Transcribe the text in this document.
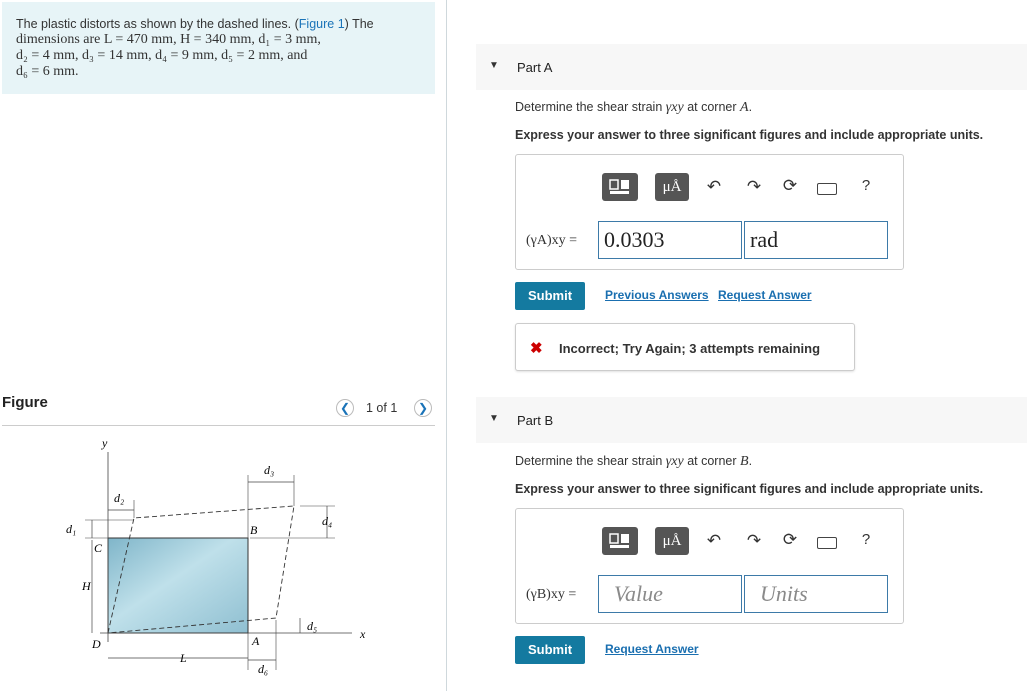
The plastic distorts as shown by the dashed lines. (Figure 1) The
dimensions are L = 470 mm, H = 340 mm, d₁ = 3 mm,
d₂ = 4 mm, d₃ = 14 mm, d₄ = 9 mm, d₅ = 2 mm, and
d₆ = 6 mm.
Figure	❮	1 of 1	❯
y
x
d₁
d₂
d₃
d₄
d₅
d₆
H
L
A
B
C
D
▼ Part A
Determine the shear strain γxy at corner A.
Express your answer to three significant figures and include appropriate units.
μÅ	↶ ↷ ⟳	?
(γA)xy = 0.0303	rad
Submit	Previous Answers Request Answer
✖ Incorrect; Try Again; 3 attempts remaining
▼ Part B
Determine the shear strain γxy at corner B.
Express your answer to three significant figures and include appropriate units.
μÅ	↶ ↷ ⟳	?
(γB)xy =	Value	Units
Submit	Request Answer
